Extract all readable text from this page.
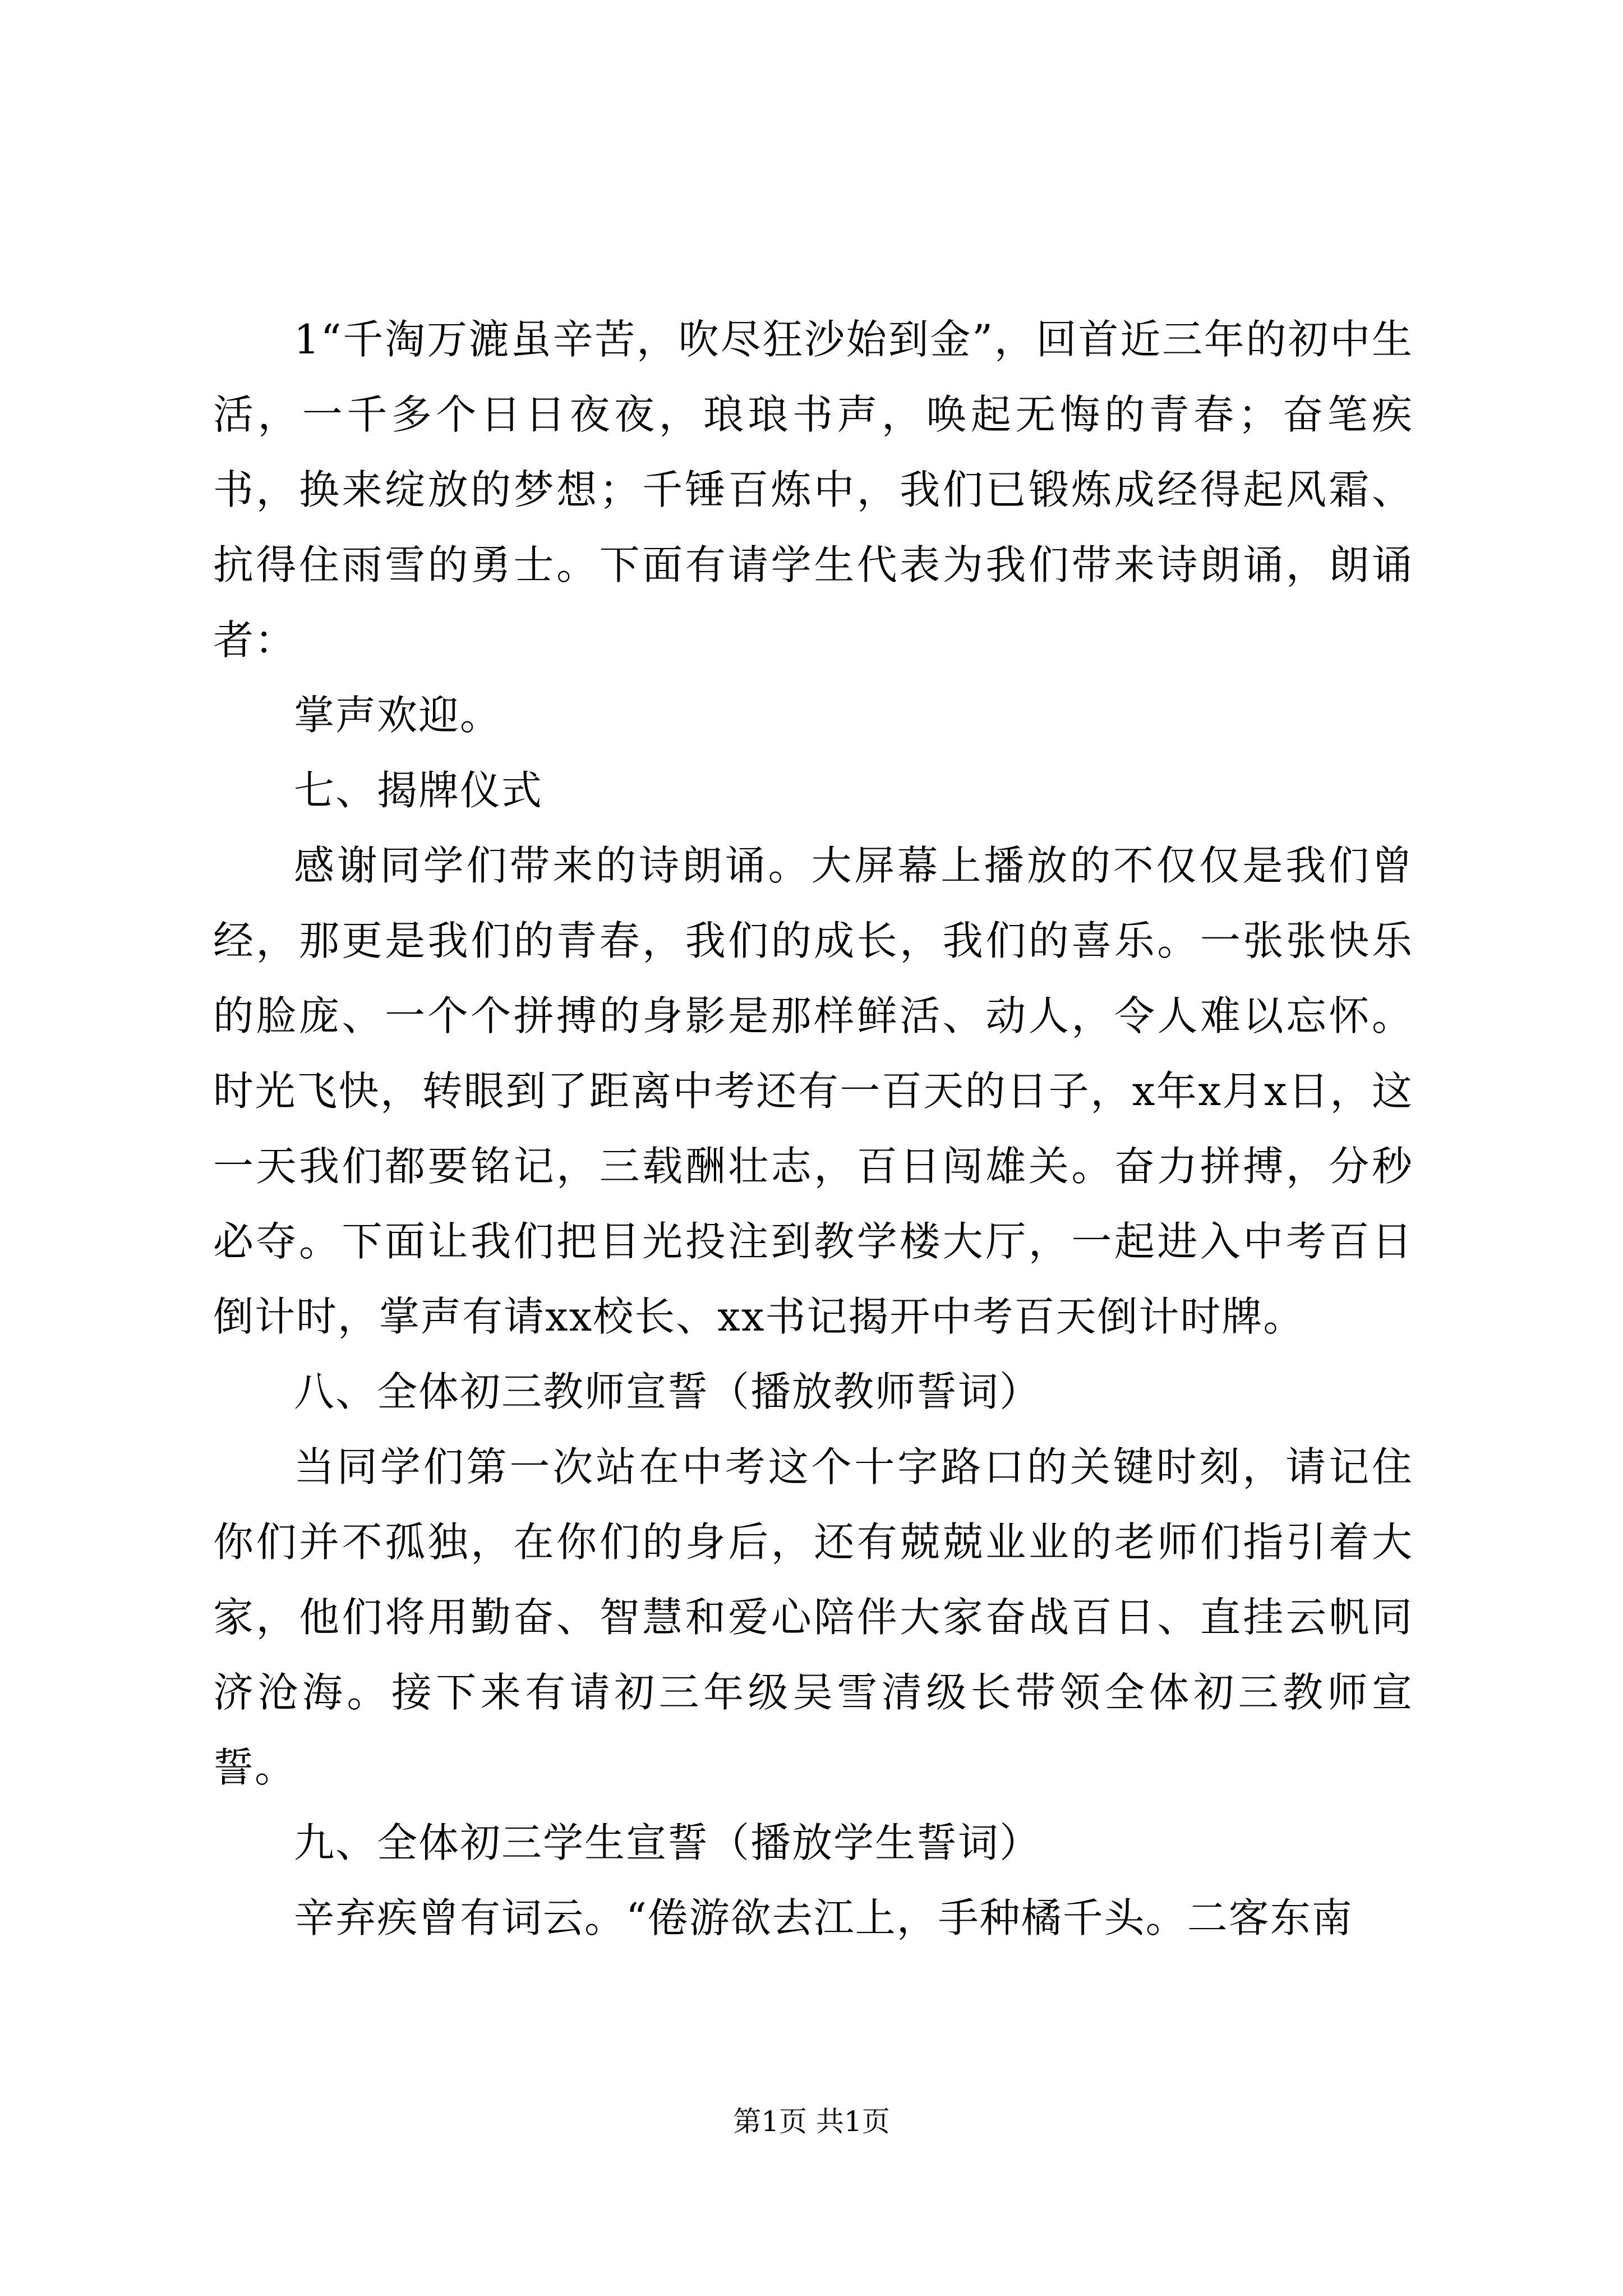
1“千淘万漉虽辛苦，吹尽狂沙始到金”，回首近三年的初中生活，一千多个日日夜夜，琅琅书声，唤起无悔的青春；奋笔疾书，换来绽放的梦想；千锤百炼中，我们已锻炼成经得起风霜、抗得住雨雪的勇士。下面有请学生代表为我们带来诗朗诵，朗诵者：

掌声欢迎。

七、揭牌仪式

感谢同学们带来的诗朗诵。大屏幕上播放的不仅仅是我们曾经，那更是我们的青春，我们的成长，我们的喜乐。一张张快乐的脸庞、一个个拼搏的身影是那样鲜活、动人，令人难以忘怀。时光飞快，转眼到了距离中考还有一百天的日子，x年x月x日，这一天我们都要铭记，三载酬壮志，百日闯雄关。奋力拼搏，分秒必夺。下面让我们把目光投注到教学楼大厅，一起进入中考百日倒计时，掌声有请xx校长、xx书记揭开中考百天倒计时牌。

八、全体初三教师宣誓（播放教师誓词）

当同学们第一次站在中考这个十字路口的关键时刻，请记住你们并不孤独，在你们的身后，还有兢兢业业的老师们指引着大家，他们将用勤奋、智慧和爱心陪伴大家奋战百日、直挂云帆同济沧海。接下来有请初三年级吴雪清级长带领全体初三教师宣誓。

九、全体初三学生宣誓（播放学生誓词）

辛弃疾曾有词云。“倦游欲去江上，手种橘千头。二客东南

第1页 共1页
